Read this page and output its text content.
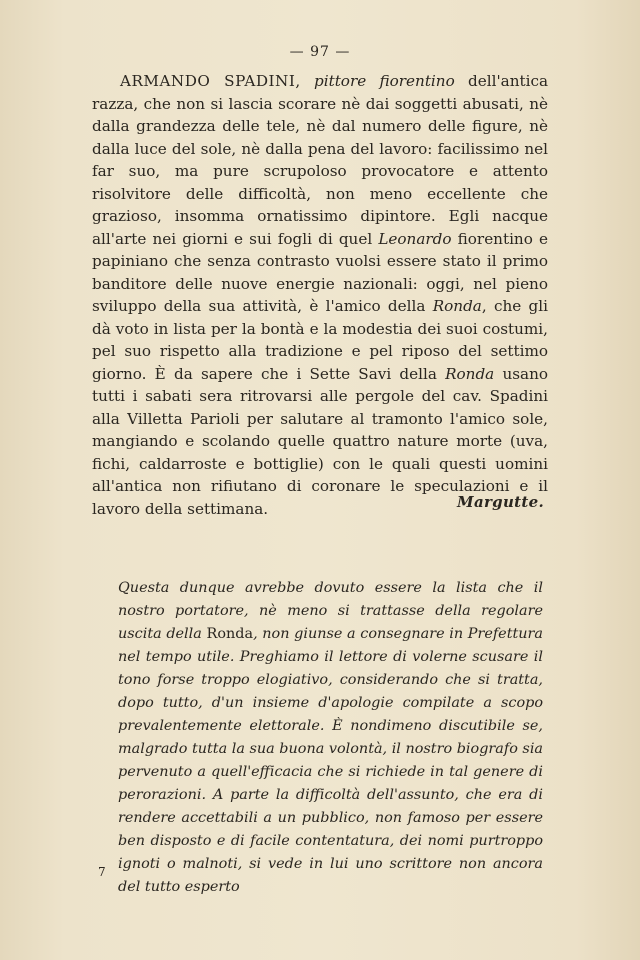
— 97 —

ARMANDO SPADINI, pittore fiorentino dell'antica razza, che non si lascia scorare nè dai soggetti abusati, nè dalla grandezza delle tele, nè dal numero delle figure, nè dalla luce del sole, nè dalla pena del lavoro: facilissimo nel far suo, ma pure scrupoloso provocatore e attento risolvitore delle difficoltà, non meno eccellente che grazioso, insomma ornatissimo dipintore. Egli nacque all'arte nei giorni e sui fogli di quel Leonardo fiorentino e papiniano che senza contrasto vuolsi essere stato il primo banditore delle nuove energie nazionali: oggi, nel pieno sviluppo della sua attività, è l'amico della Ronda, che gli dà voto in lista per la bontà e la modestia dei suoi costumi, pel suo rispetto alla tradizione e pel riposo del settimo giorno. È da sapere che i Sette Savi della Ronda usano tutti i sabati sera ritrovarsi alle pergole del cav. Spadini alla Villetta Parioli per salutare al tramonto l'amico sole, mangiando e scolando quelle quattro nature morte (uva, fichi, caldarroste e bottiglie) con le quali questi uomini all'antica non rifiutano di coronare le speculazioni e il lavoro della settimana.	Margutte.

Questa dunque avrebbe dovuto essere la lista che il nostro portatore, nè meno si trattasse della regolare uscita della Ronda, non giunse a consegnare in Prefettura nel tempo utile. Preghiamo il lettore di volerne scusare il tono forse troppo elogiativo, considerando che si tratta, dopo tutto, d'un insieme d'apologie compilate a scopo prevalentemente elettorale. È nondimeno discutibile se, malgrado tutta la sua buona volontà, il nostro biografo sia pervenuto a quell'efficacia che si richiede in tal genere di perorazioni. A parte la difficoltà dell'assunto, che era di rendere accettabili a un pubblico, non famoso per essere ben disposto e di facile contentatura, dei nomi purtroppo ignoti o malnoti, si vede in lui uno scrittore non ancora del tutto esperto

7
